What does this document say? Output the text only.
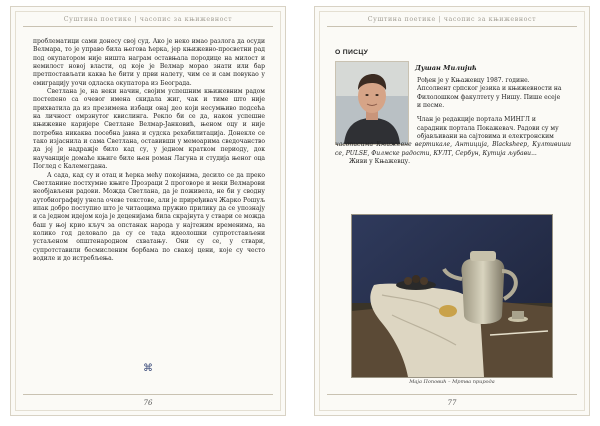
Суштина поетике | часопис за књижевност

проблематици сами донесу свој суд. Ако је неко имао разлога да осуди Велмара, то је управо била његова ћерка, јер књижевно-просветни рад под окупатором није ништа награм оставњала породице на милост и немилост новој власти, од које је Велмар морао знати или бар претпостављати каква ће бити у први налету, чим се и сам повукао у емиграцију уочи одласка окупатора из Београда.

Светлана је, на неки начин, својим успешним књижевним радом постепено са очевог имена скидала жиг, чак и тиме што није прихватила да из презимена избаци онај део који несумњиво подсећа на личност омрзнутог квислинга. Рекло би се да, након успешне књижевне каријере Светлане Велмар-Јанковић, њеном оцу и није потребна никаква посебна јавна и судска рехабилитација. Донекле се тако изјаснила и сама Светлана, оставивши у мемоарима сведочанство да јој је надражје било кад су, у једном кратком периоду, док научанције домаће књиге биле њен роман Лагуна и студија њеног оца Поглед с Калемегдана.

А сада, кад су и отац и ћерка мећу покојнима, десило се да преко Светланине постхумне књиге Прозраци 2 проговоре и неки Велмарови необјављени радови. Можда Светлана, да је поживела, не би у сводну аутобиографију унела очеве текстове, али је приређивач Жарко Рошуљ ипак добро поступио што је читаоцима пружио прилику да се упознају и са једном идејом која је деценијама била скрајнута у ствари се можда баш у њој крио кључ за опстанак народа у најтежим временима, на колико год деловало да су се тада идеолошки супротстављени устаљеном општенародном схватању. Они су се, у ствари, супротставили бесмисленим борбама по свакој цени, које су често водиле и до истребљења.

⌘
76
Суштина поетике | часопис за књижевност
О ПИСЦУ
Душан Милијић
Рођен је у Књажевцу 1987. године.
Апсолвент српског језика и књижевности на
Филолошком факултету у Нишу. Пише есеје
и песме.
Члан је редакције портала МИНГЛ и
сарадник портала Покажевач. Радови су му
објављивани на сајтовима и електронским
часописима Књижевне вертикале, Антиција, Blacksheep, Култивиши се, PULSE, Филмске радости, КУЛТ, Сербун, Кутија љубави...
Живи у Књажевцу.
Маја Поповић – Мртва природа
77
